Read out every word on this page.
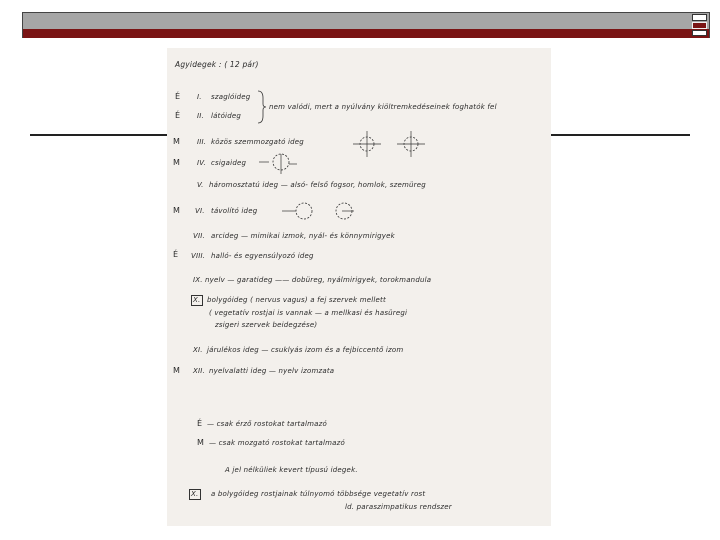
Agyidegek : ( 12 pár)
É I. szaglóideg
nem valódi, mert a nyúlvány kiöltremkedéseinek foghatók fel
É II. látóideg
M III. közös szemmozgató ideg
M IV. csigaideg
V. háromosztatú ideg — alsó- felső fogsor, homlok, szemüreg
M VI. távolító ideg
VII. arcideg — mimikai izmok, nyál- és könnymirigyek
É VIII. halló- és egyensúlyozó ideg
IX. nyelv — garatideg —— dobüreg, nyálmirigyek, torokmandula
X. bolygóideg ( nervus vagus) a fej szervek mellett
( vegetatív rostjai is vannak — a mellkasi és hasüregi
zsigeri szervek beidegzése)
XI. járulékos ideg — csuklyás izom és a fejbiccentő izom
M XII. nyelvalatti ideg — nyelv izomzata
É — csak érző rostokat tartalmazó
M — csak mozgató rostokat tartalmazó
A jel nélküliek kevert típusú idegek.
X. a bolygóideg rostjainak túlnyomó többsége vegetatív rost
ld. paraszimpatikus rendszer
